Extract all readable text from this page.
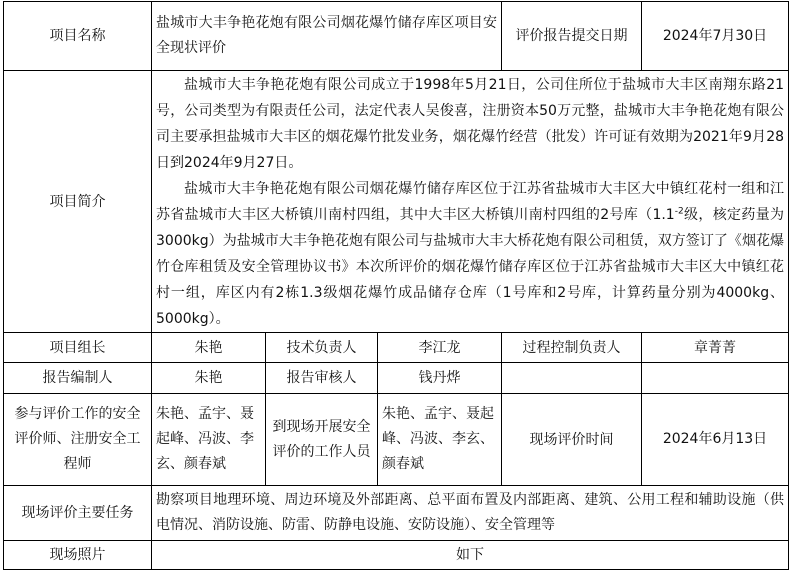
项目名称	盐城市大丰争艳花炮有限公司烟花爆竹储存库区项目安全现状评价			评价报告提交日期	2024年7月30日
项目简介	盐城市大丰争艳花炮有限公司成立于1998年5月21日，公司住所位于盐城市大丰区南翔东路21号，公司类型为有限责任公司，法定代表人吴俊喜，注册资本50万元整，盐城市大丰争艳花炮有限公司主要承担盐城市大丰区的烟花爆竹批发业务，烟花爆竹经营（批发）许可证有效期为2021年9月28日到2024年9月27日。

盐城市大丰争艳花炮有限公司烟花爆竹储存库区位于江苏省盐城市大丰区大中镇红花村一组和江苏省盐城市大丰区大桥镇川南村四组，其中大丰区大桥镇川南村四组的2号库（$1.1^{-2}$级，核定药量为3000kg）为盐城市大丰争艳花炮有限公司与盐城市大丰大桥花炮有限公司租赁，双方签订了《烟花爆竹仓库租赁及安全管理协议书》本次所评价的烟花爆竹储存库区位于江苏省盐城市大丰区大中镇红花村一组，库区内有2栋1.3级烟花爆竹成品储存仓库（1号库和2号库，计算药量分别为4000kg、5000kg）。				

项目组长	朱艳	技术负责人	李江龙	过程控制负责人	章菁菁
报告编制人	朱艳	报告审核人	钱丹烨		
参与评价工作的安全评价师、注册安全工程师	朱艳、孟宇、聂起峰、冯波、李玄、颜春斌	到现场开展安全评价的工作人员	朱艳、孟宇、聂起峰、冯波、李玄、颜春斌	现场评价时间	2024年6月13日
现场评价主要任务	勘察项目地理环境、周边环境及外部距离、总平面布置及内部距离、建筑、公用工程和辅助设施（供电情况、消防设施、防雷、防静电设施、安防设施）、安全管理等				
现场照片	如下				
